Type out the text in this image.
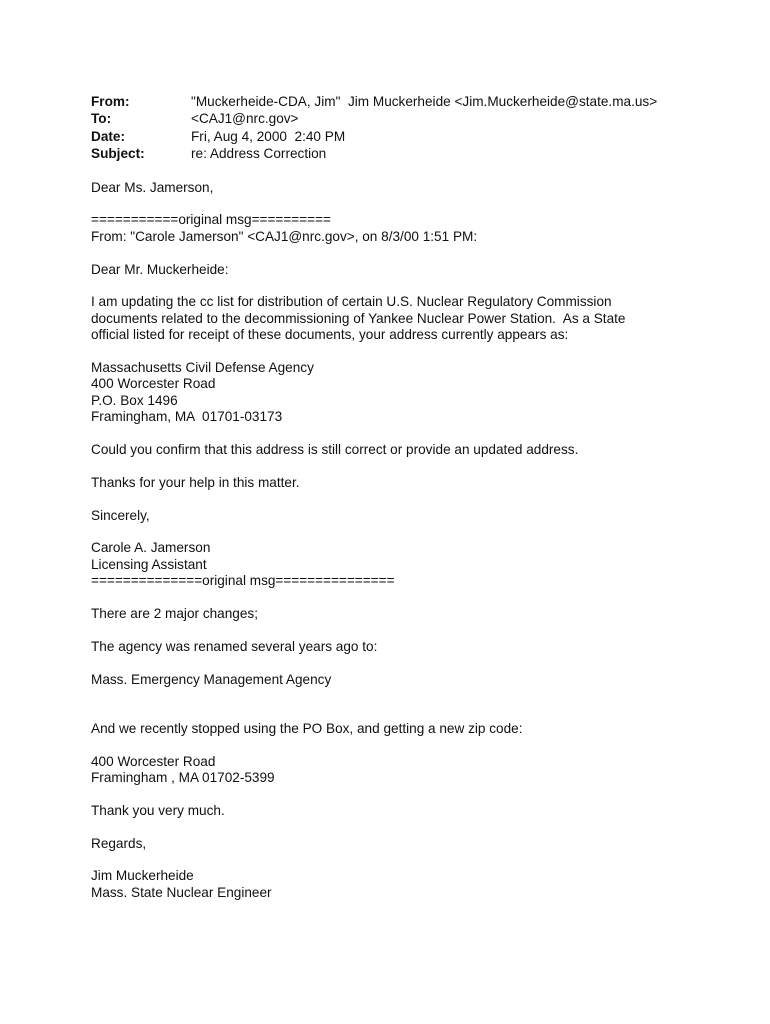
From:	"Muckerheide-CDA, Jim"  Jim Muckerheide <Jim.Muckerheide@state.ma.us>
To:	<CAJ1@nrc.gov>
Date:	Fri, Aug 4, 2000  2:40 PM
Subject:	re: Address Correction
Dear Ms. Jamerson,
===========original msg==========
From: "Carole Jamerson" <CAJ1@nrc.gov>, on 8/3/00 1:51 PM:
Dear Mr. Muckerheide:
I am updating the cc list for distribution of certain U.S. Nuclear Regulatory Commission
documents related to the decommissioning of Yankee Nuclear Power Station.  As a State
official listed for receipt of these documents, your address currently appears as:
Massachusetts Civil Defense Agency
400 Worcester Road
P.O. Box 1496
Framingham, MA  01701-03173
Could you confirm that this address is still correct or provide an updated address.
Thanks for your help in this matter.
Sincerely,
Carole A. Jamerson
Licensing Assistant
==============original msg===============
There are 2 major changes;
The agency was renamed several years ago to:
Mass. Emergency Management Agency
And we recently stopped using the PO Box, and getting a new zip code:
400 Worcester Road
Framingham , MA 01702-5399
Thank you very much.
Regards,
Jim Muckerheide
Mass. State Nuclear Engineer
